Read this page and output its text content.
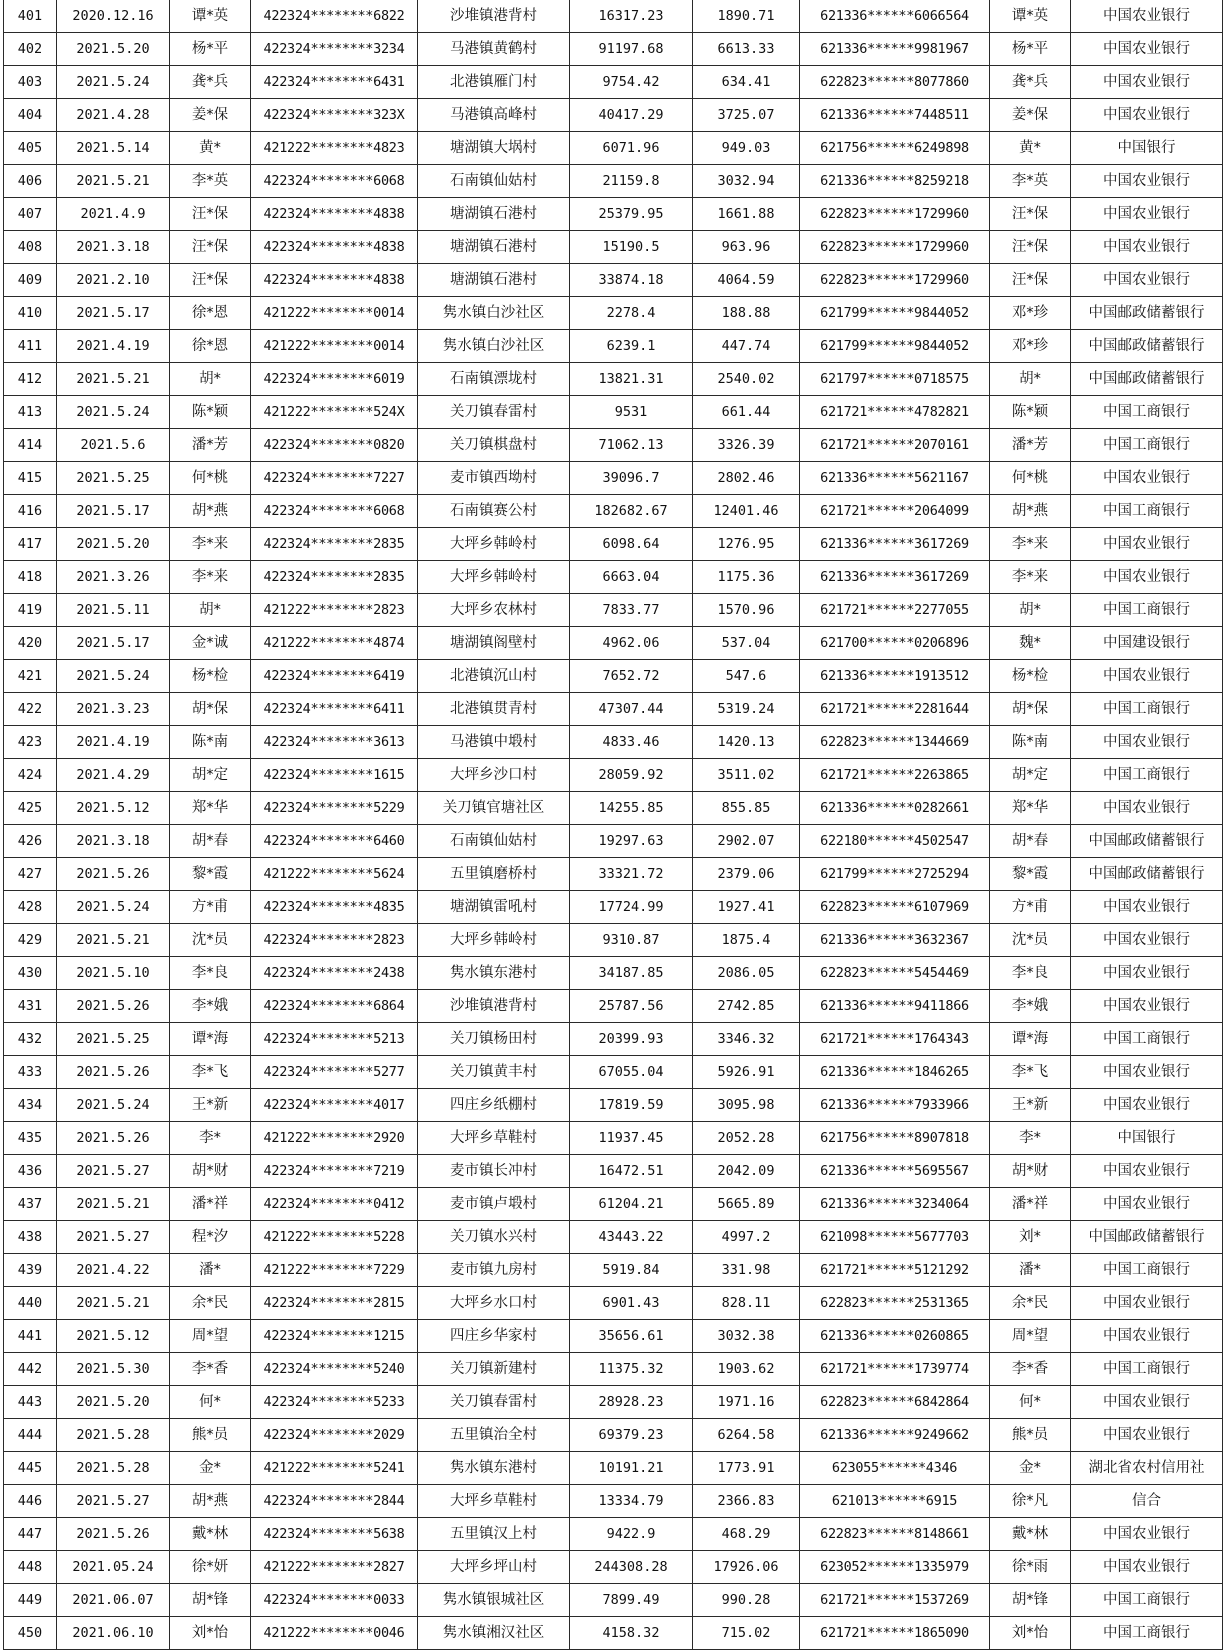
401	2020.12.16	谭*英	422324********6822	沙堆镇港背村	16317.23	1890.71	621336******6066564	谭*英	中国农业银行
402	2021.5.20	杨*平	422324********3234	马港镇黄鹤村	91197.68	6613.33	621336******9981967	杨*平	中国农业银行
403	2021.5.24	龚*兵	422324********6431	北港镇雁门村	9754.42	634.41	622823******8077860	龚*兵	中国农业银行
404	2021.4.28	姜*保	422324********323X	马港镇高峰村	40417.29	3725.07	621336******7448511	姜*保	中国农业银行
405	2021.5.14	黄*	421222********4823	塘湖镇大埚村	6071.96	949.03	621756******6249898	黄*	中国银行
406	2021.5.21	李*英	422324********6068	石南镇仙姑村	21159.8	3032.94	621336******8259218	李*英	中国农业银行
407	2021.4.9	汪*保	422324********4838	塘湖镇石港村	25379.95	1661.88	622823******1729960	汪*保	中国农业银行
408	2021.3.18	汪*保	422324********4838	塘湖镇石港村	15190.5	963.96	622823******1729960	汪*保	中国农业银行
409	2021.2.10	汪*保	422324********4838	塘湖镇石港村	33874.18	4064.59	622823******1729960	汪*保	中国农业银行
410	2021.5.17	徐*恩	421222********0014	隽水镇白沙社区	2278.4	188.88	621799******9844052	邓*珍	中国邮政储蓄银行
411	2021.4.19	徐*恩	421222********0014	隽水镇白沙社区	6239.1	447.74	621799******9844052	邓*珍	中国邮政储蓄银行
412	2021.5.21	胡*	422324********6019	石南镇漂垅村	13821.31	2540.02	621797******0718575	胡*	中国邮政储蓄银行
413	2021.5.24	陈*颖	421222********524X	关刀镇春雷村	9531	661.44	621721******4782821	陈*颖	中国工商银行
414	2021.5.6	潘*芳	422324********0820	关刀镇棋盘村	71062.13	3326.39	621721******2070161	潘*芳	中国工商银行
415	2021.5.25	何*桃	422324********7227	麦市镇西坳村	39096.7	2802.46	621336******5621167	何*桃	中国农业银行
416	2021.5.17	胡*燕	422324********6068	石南镇赛公村	182682.67	12401.46	621721******2064099	胡*燕	中国工商银行
417	2021.5.20	李*来	422324********2835	大坪乡韩岭村	6098.64	1276.95	621336******3617269	李*来	中国农业银行
418	2021.3.26	李*来	422324********2835	大坪乡韩岭村	6663.04	1175.36	621336******3617269	李*来	中国农业银行
419	2021.5.11	胡*	421222********2823	大坪乡农林村	7833.77	1570.96	621721******2277055	胡*	中国工商银行
420	2021.5.17	金*诚	421222********4874	塘湖镇阁壁村	4962.06	537.04	621700******0206896	魏*	中国建设银行
421	2021.5.24	杨*检	422324********6419	北港镇沉山村	7652.72	547.6	621336******1913512	杨*检	中国农业银行
422	2021.3.23	胡*保	422324********6411	北港镇贯青村	47307.44	5319.24	621721******2281644	胡*保	中国工商银行
423	2021.4.19	陈*南	422324********3613	马港镇中塅村	4833.46	1420.13	622823******1344669	陈*南	中国农业银行
424	2021.4.29	胡*定	422324********1615	大坪乡沙口村	28059.92	3511.02	621721******2263865	胡*定	中国工商银行
425	2021.5.12	郑*华	422324********5229	关刀镇官塘社区	14255.85	855.85	621336******0282661	郑*华	中国农业银行
426	2021.3.18	胡*春	422324********6460	石南镇仙姑村	19297.63	2902.07	622180******4502547	胡*春	中国邮政储蓄银行
427	2021.5.26	黎*霞	421222********5624	五里镇磨桥村	33321.72	2379.06	621799******2725294	黎*霞	中国邮政储蓄银行
428	2021.5.24	方*甫	422324********4835	塘湖镇雷吼村	17724.99	1927.41	622823******6107969	方*甫	中国农业银行
429	2021.5.21	沈*员	422324********2823	大坪乡韩岭村	9310.87	1875.4	621336******3632367	沈*员	中国农业银行
430	2021.5.10	李*良	422324********2438	隽水镇东港村	34187.85	2086.05	622823******5454469	李*良	中国农业银行
431	2021.5.26	李*娥	422324********6864	沙堆镇港背村	25787.56	2742.85	621336******9411866	李*娥	中国农业银行
432	2021.5.25	谭*海	422324********5213	关刀镇杨田村	20399.93	3346.32	621721******1764343	谭*海	中国工商银行
433	2021.5.26	李*飞	422324********5277	关刀镇黄丰村	67055.04	5926.91	621336******1846265	李*飞	中国农业银行
434	2021.5.24	王*新	422324********4017	四庄乡纸棚村	17819.59	3095.98	621336******7933966	王*新	中国农业银行
435	2021.5.26	李*	421222********2920	大坪乡草鞋村	11937.45	2052.28	621756******8907818	李*	中国银行
436	2021.5.27	胡*财	422324********7219	麦市镇长冲村	16472.51	2042.09	621336******5695567	胡*财	中国农业银行
437	2021.5.21	潘*祥	422324********0412	麦市镇卢塅村	61204.21	5665.89	621336******3234064	潘*祥	中国农业银行
438	2021.5.27	程*汐	421222********5228	关刀镇水兴村	43443.22	4997.2	621098******5677703	刘*	中国邮政储蓄银行
439	2021.4.22	潘*	421222********7229	麦市镇九房村	5919.84	331.98	621721******5121292	潘*	中国工商银行
440	2021.5.21	余*民	422324********2815	大坪乡水口村	6901.43	828.11	622823******2531365	余*民	中国农业银行
441	2021.5.12	周*望	422324********1215	四庄乡华家村	35656.61	3032.38	621336******0260865	周*望	中国农业银行
442	2021.5.30	李*香	422324********5240	关刀镇新建村	11375.32	1903.62	621721******1739774	李*香	中国工商银行
443	2021.5.20	何*	422324********5233	关刀镇春雷村	28928.23	1971.16	622823******6842864	何*	中国农业银行
444	2021.5.28	熊*员	422324********2029	五里镇治全村	69379.23	6264.58	621336******9249662	熊*员	中国农业银行
445	2021.5.28	金*	421222********5241	隽水镇东港村	10191.21	1773.91	623055******4346	金*	湖北省农村信用社
446	2021.5.27	胡*燕	422324********2844	大坪乡草鞋村	13334.79	2366.83	621013******6915	徐*凡	信合
447	2021.5.26	戴*林	422324********5638	五里镇汉上村	9422.9	468.29	622823******8148661	戴*林	中国农业银行
448	2021.05.24	徐*妍	421222********2827	大坪乡坪山村	244308.28	17926.06	623052******1335979	徐*雨	中国农业银行
449	2021.06.07	胡*锋	422324********0033	隽水镇银城社区	7899.49	990.28	621721******1537269	胡*锋	中国工商银行
450	2021.06.10	刘*怡	421222********0046	隽水镇湘汉社区	4158.32	715.02	621721******1865090	刘*怡	中国工商银行
